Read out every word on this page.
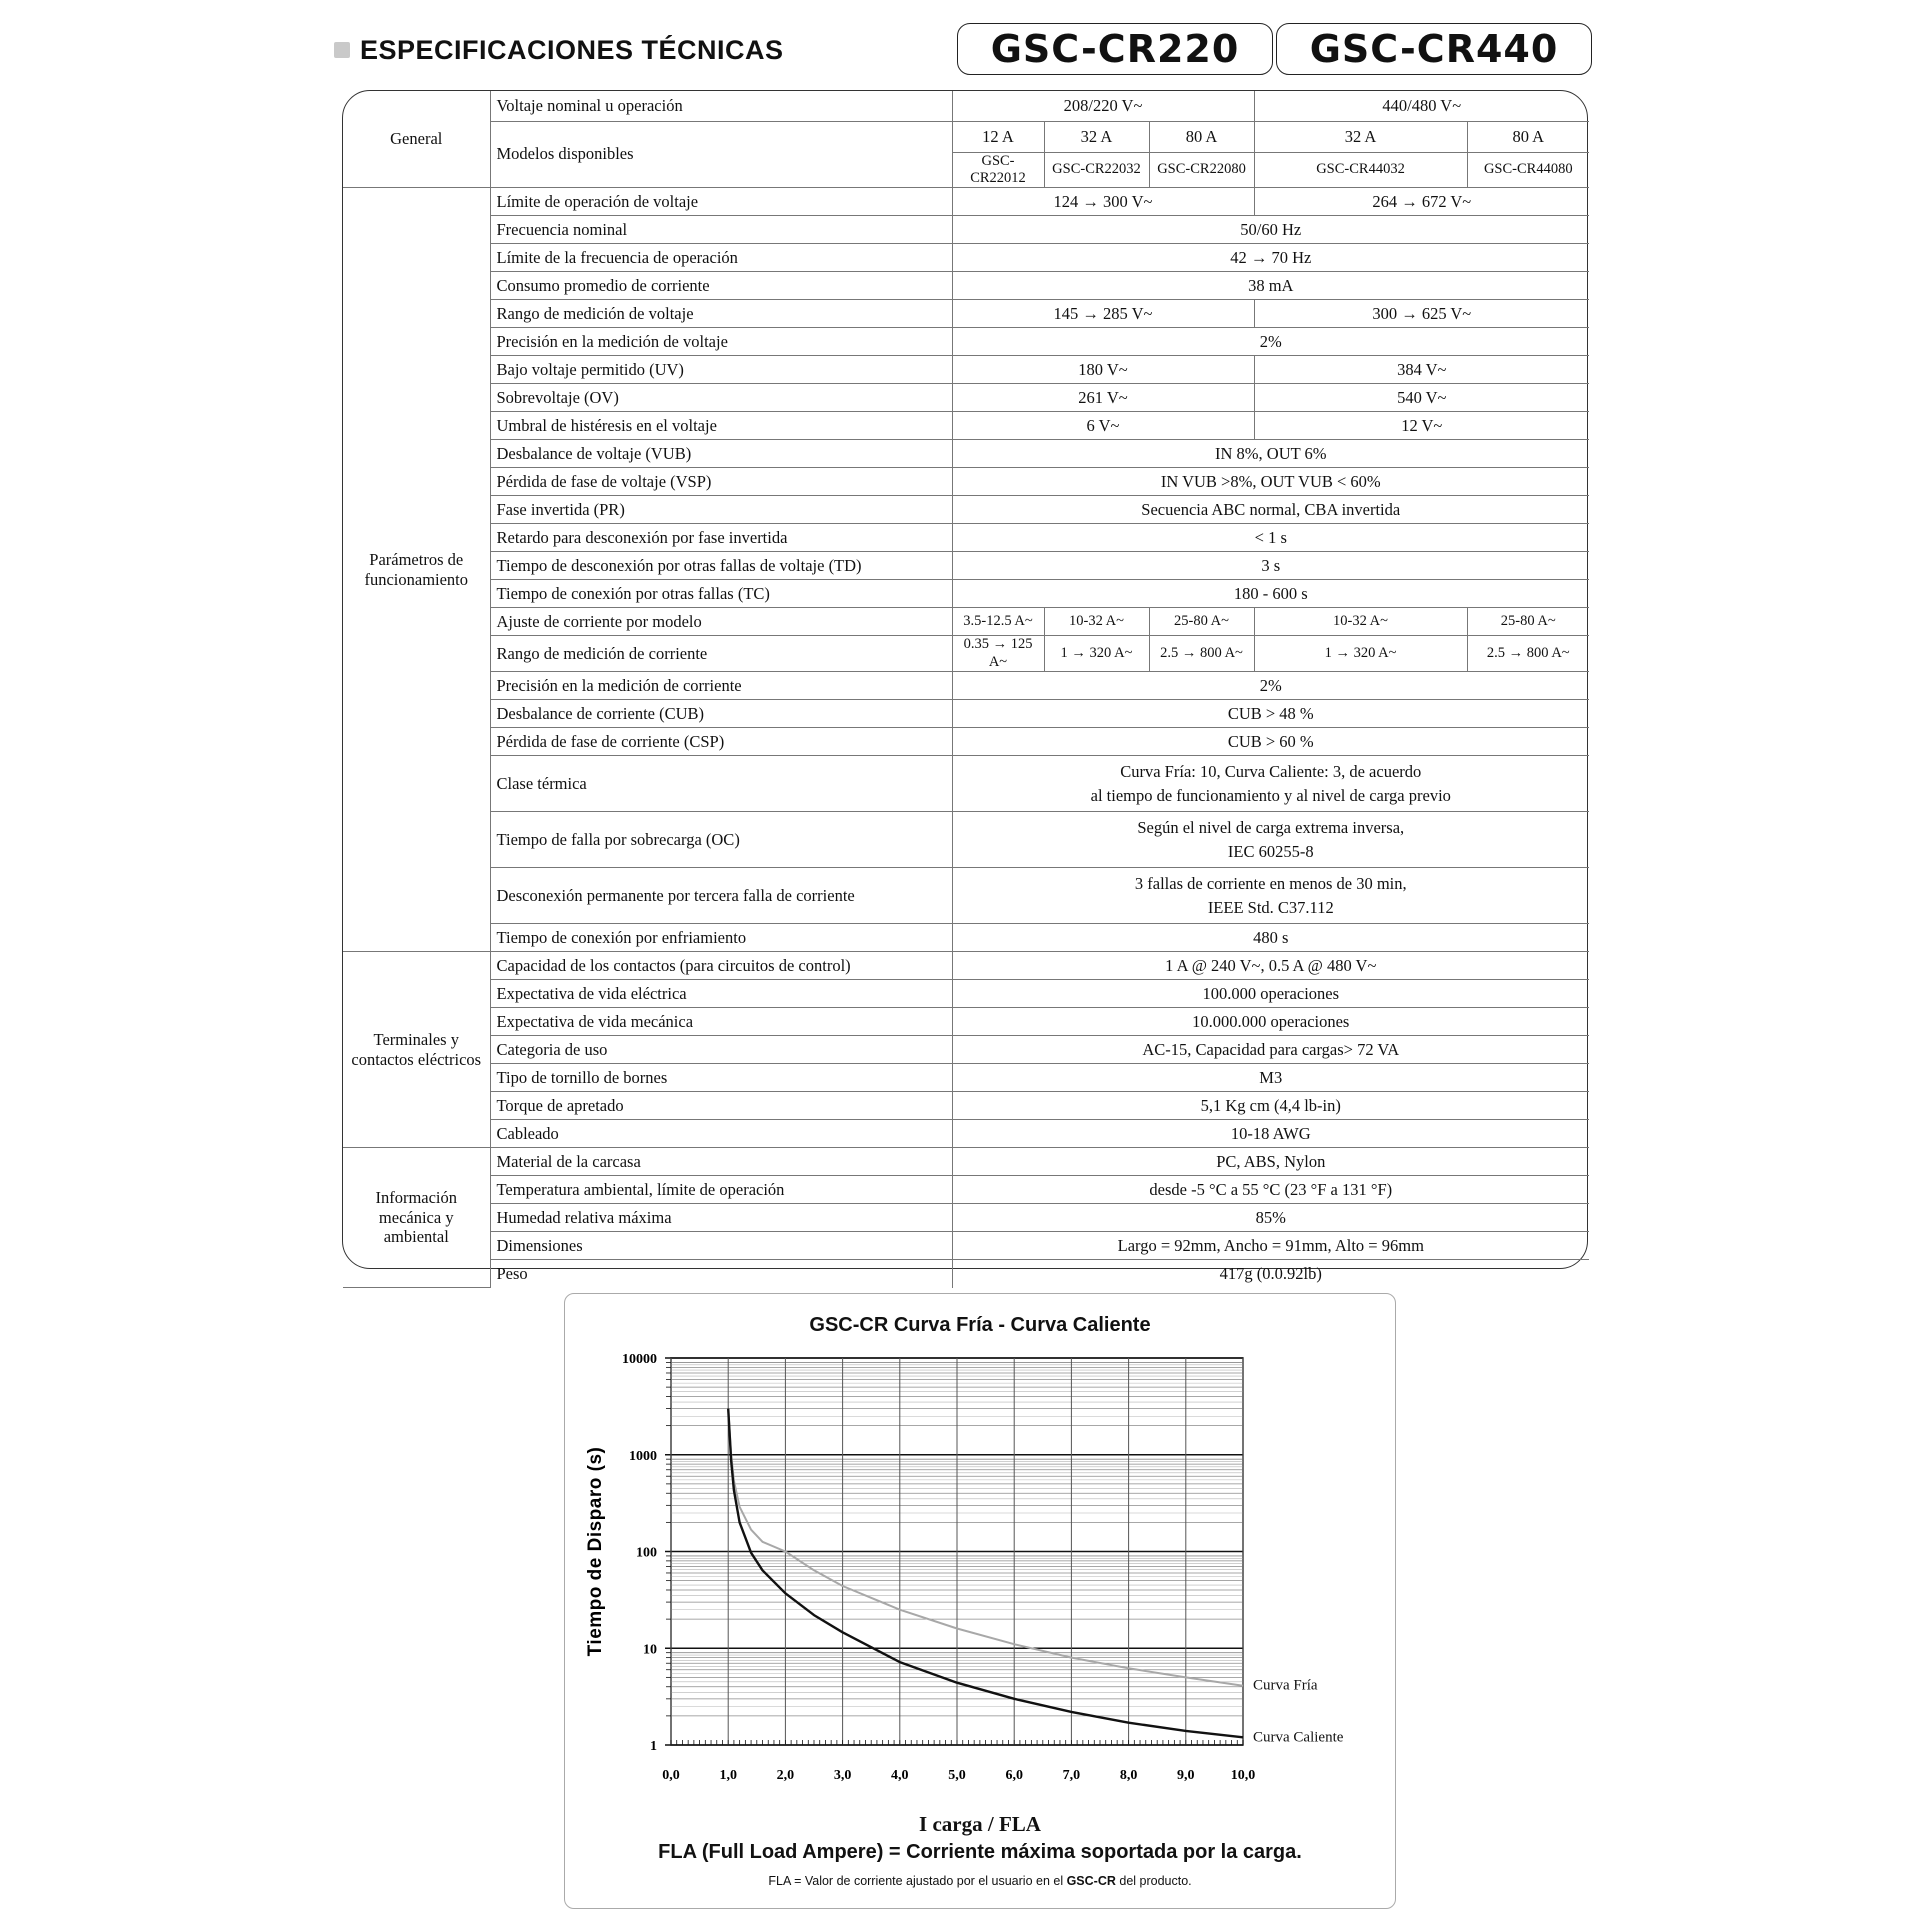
ESPECIFICACIONES TÉCNICAS	GSC-CR220	GSC-CR440
General	Voltaje nominal u operación	208/220 V~			440/480 V~	
	Modelos disponibles	12 A	32 A	80 A	32 A	80 A
		GSC-CR22012	GSC-CR22032	GSC-CR22080	GSC-CR44032	GSC-CR44080
Parámetros de funcionamiento	Límite de operación de voltaje	124 → 300 V~			264 → 672 V~	
	Frecuencia nominal	50/60 Hz				
	Límite de la frecuencia de operación	42 → 70 Hz				
	Consumo promedio de corriente	38 mA				
	Rango de medición de voltaje	145 → 285 V~			300 → 625 V~	
	Precisión en la medición de voltaje	2%				
	Bajo voltaje permitido (UV)	180 V~			384 V~	
	Sobrevoltaje (OV)	261 V~			540 V~	
	Umbral de histéresis en el voltaje	6 V~			12 V~	
	Desbalance de voltaje (VUB)	IN 8%, OUT 6%				
	Pérdida de fase de voltaje (VSP)	IN VUB >8%, OUT VUB < 60%				
	Fase invertida (PR)	Secuencia ABC normal, CBA invertida				
	Retardo para desconexión por fase invertida	< 1 s				
	Tiempo de desconexión por otras fallas de voltaje (TD)	3 s				
	Tiempo de conexión por otras fallas (TC)	180 - 600 s				
	Ajuste de corriente por modelo	3.5-12.5 A~	10-32 A~	25-80 A~	10-32 A~	25-80 A~
	Rango de medición de corriente	0.35 → 125 A~	1 → 320 A~	2.5 → 800 A~	1 → 320 A~	2.5 → 800 A~
	Precisión en la medición de corriente	2%				
	Desbalance de corriente (CUB)	CUB > 48 %				
	Pérdida de fase de corriente (CSP)	CUB > 60 %				
	Clase térmica	Curva Fría: 10, Curva Caliente: 3, de acuerdo
al tiempo de funcionamiento y al nivel de carga previo				

	Tiempo de falla por sobrecarga (OC)	Según el nivel de carga extrema inversa,
IEC 60255-8				

	Desconexión permanente por tercera falla de corriente	3 fallas de corriente en menos de 30 min,
IEEE Std. C37.112				

	Tiempo de conexión por enfriamiento	480 s				
Terminales y contactos eléctricos	Capacidad de los contactos (para circuitos de control)	1 A @ 240 V~, 0.5 A @ 480 V~				
	Expectativa de vida eléctrica	100.000 operaciones				
	Expectativa de vida mecánica	10.000.000 operaciones				
	Categoria de uso	AC-15, Capacidad para cargas> 72 VA				
	Tipo de tornillo de bornes	M3				
	Torque de apretado	5,1 Kg cm (4,4 lb-in)				
	Cableado	10-18 AWG				
Información mecánica y ambiental	Material de la carcasa	PC, ABS, Nylon				
	Temperatura ambiental, límite de operación	desde -5 °C a 55 °C (23 °F a 131 °F)				
	Humedad relativa máxima	85%				
	Dimensiones	Largo = 92mm, Ancho = 91mm, Alto = 96mm				
	Peso	417g (0.0.92lb)				
GSC-CR Curva Fría - Curva Caliente
1
10
100
1000
10000
0,0	1,0	2,0	3,0	4,0	5,0	6,0	7,0	8,0	9,0	10,0
Curva Fría
Curva Caliente
Tiempo de Disparo (s)
I carga / FLA
FLA (Full Load Ampere) = Corriente máxima soportada por la carga.
FLA = Valor de corriente ajustado por el usuario en el GSC-CR del producto.
